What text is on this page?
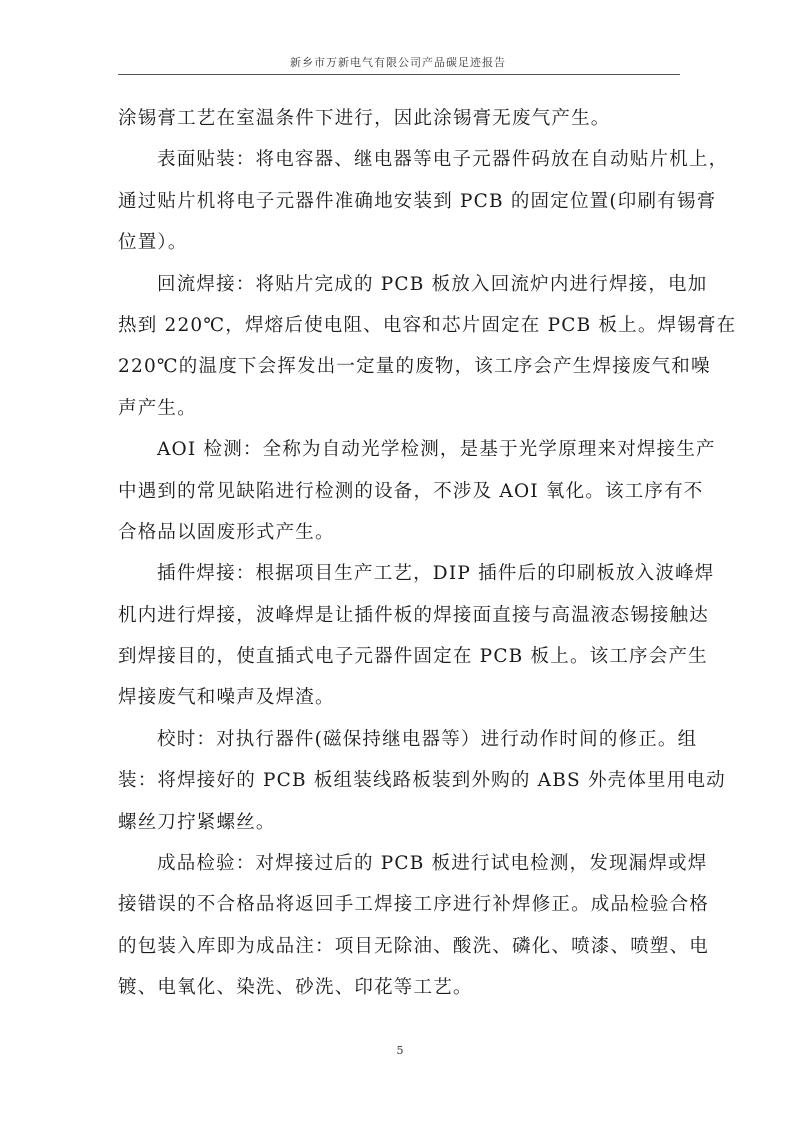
新乡市万新电气有限公司产品碳足迹报告
涂锡膏工艺在室温条件下进行，因此涂锡膏无废气产生。
表面贴装：将电容器、继电器等电子元器件码放在自动贴片机上，
通过贴片机将电子元器件准确地安装到 PCB 的固定位置(印刷有锡膏
位置）。
回流焊接：将贴片完成的 PCB 板放入回流炉内进行焊接，电加
热到 220℃，焊熔后使电阻、电容和芯片固定在 PCB 板上。焊锡膏在
220℃的温度下会挥发出一定量的废物，该工序会产生焊接废气和噪
声产生。
AOI 检测：全称为自动光学检测，是基于光学原理来对焊接生产
中遇到的常见缺陷进行检测的设备，不涉及 AOI 氧化。该工序有不
合格品以固废形式产生。
插件焊接：根据项目生产工艺，DIP 插件后的印刷板放入波峰焊
机内进行焊接，波峰焊是让插件板的焊接面直接与高温液态锡接触达
到焊接目的，使直插式电子元器件固定在 PCB 板上。该工序会产生
焊接废气和噪声及焊渣。
校时：对执行器件(磁保持继电器等）进行动作时间的修正。组
装：将焊接好的 PCB 板组装线路板装到外购的 ABS 外壳体里用电动
螺丝刀拧紧螺丝。
成品检验：对焊接过后的 PCB 板进行试电检测，发现漏焊或焊
接错误的不合格品将返回手工焊接工序进行补焊修正。成品检验合格
的包装入库即为成品注：项目无除油、酸洗、磷化、喷漆、喷塑、电
镀、电氧化、染洗、砂洗、印花等工艺。
5
